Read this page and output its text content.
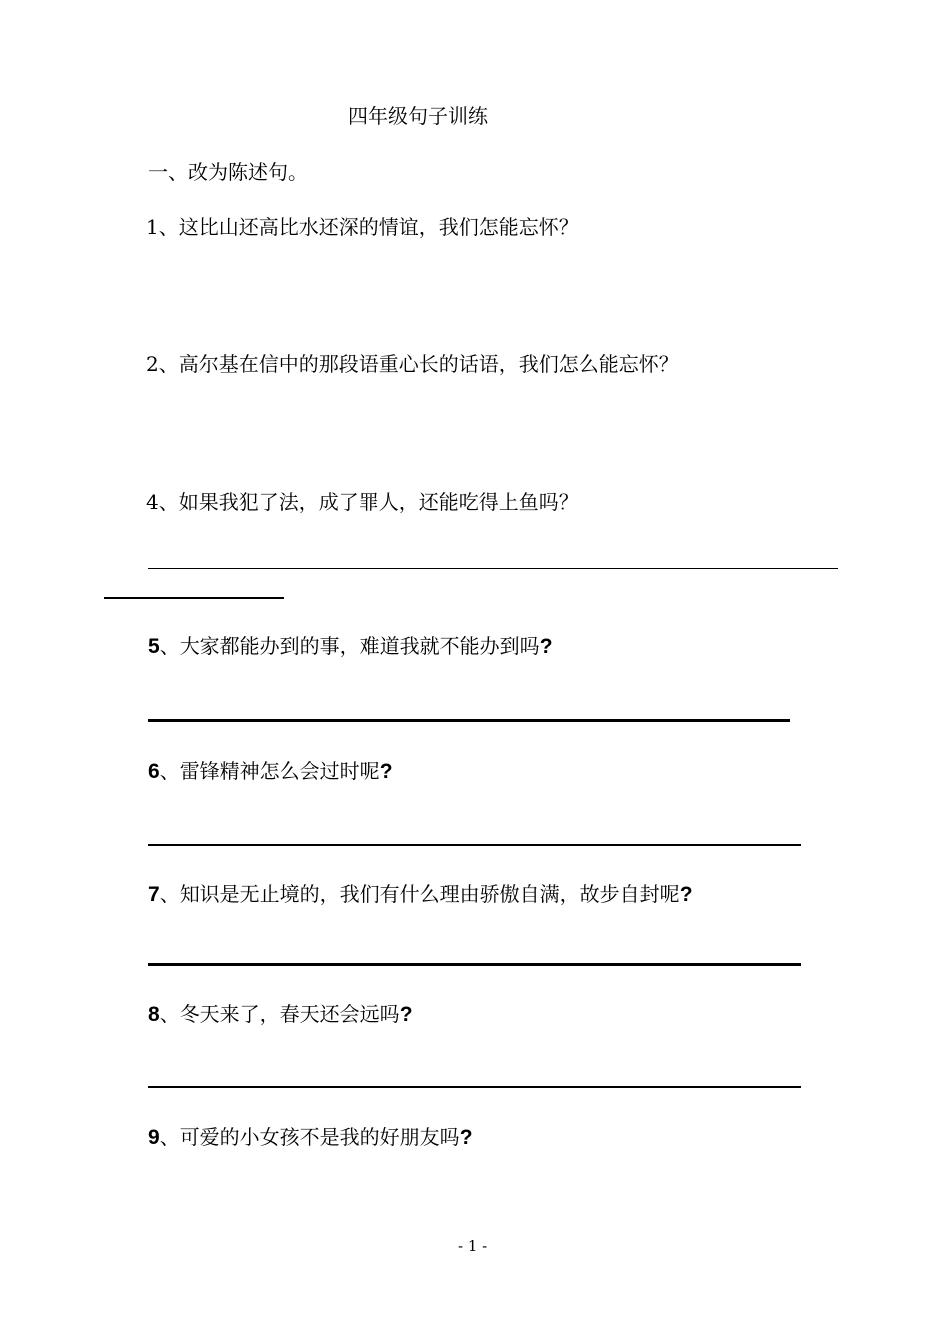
四年级句子训练
一、改为陈述句。
1、这比山还高比水还深的情谊，我们怎能忘怀？
2、高尔基在信中的那段语重心长的话语，我们怎么能忘怀？
4、如果我犯了法，成了罪人，还能吃得上鱼吗？
5、大家都能办到的事，难道我就不能办到吗?
6、雷锋精神怎么会过时呢?
7、知识是无止境的，我们有什么理由骄傲自满，故步自封呢?
8、冬天来了，春天还会远吗?
9、可爱的小女孩不是我的好朋友吗?
- 1 -
